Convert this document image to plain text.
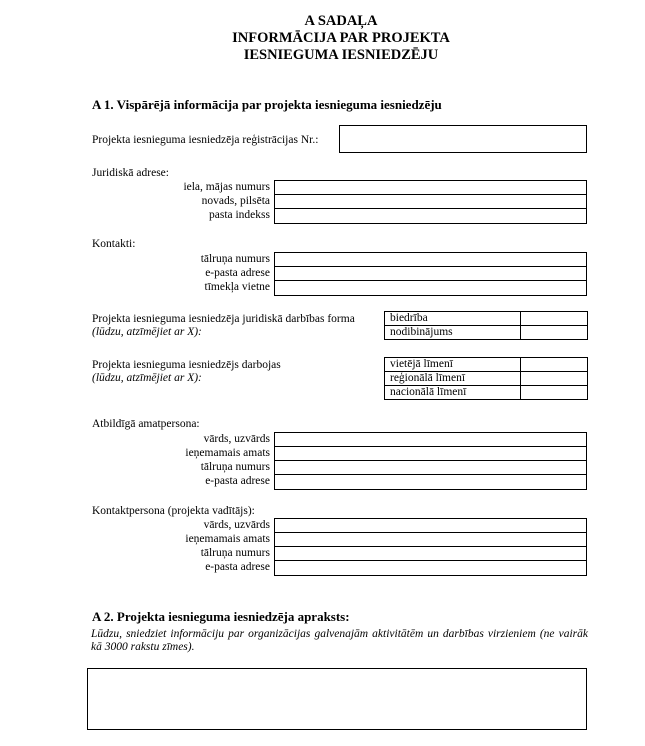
A SADAĻA
INFORMĀCIJA PAR PROJEKTA
IESNIEGUMA IESNIEDZĒJU
A 1. Vispārējā informācija par projekta iesnieguma iesniedzēju
Projekta iesnieguma iesniedzēja reģistrācijas Nr.:
Juridiskā adrese:
iela, mājas numurs
novads, pilsēta
pasta indekss
Kontakti:
tālruņa numurs
e-pasta adrese
tīmekļa vietne
Projekta iesnieguma iesniedzēja juridiskā darbības forma
(lūdzu, atzīmējiet ar X):
biedrība	
nodibinājums	
Projekta iesnieguma iesniedzējs darbojas
(lūdzu, atzīmējiet ar X):
vietējā līmenī	
reģionālā līmenī	
nacionālā līmenī	
Atbildīgā amatpersona:
vārds, uzvārds
ieņemamais amats
tālruņa numurs
e-pasta adrese
Kontaktpersona (projekta vadītājs):
vārds, uzvārds
ieņemamais amats
tālruņa numurs
e-pasta adrese
A 2. Projekta iesnieguma iesniedzēja apraksts:
Lūdzu, sniedziet informāciju par organizācijas galvenajām aktivitātēm un darbības virzieniem (ne vairāk kā 3000 rakstu zīmes).
